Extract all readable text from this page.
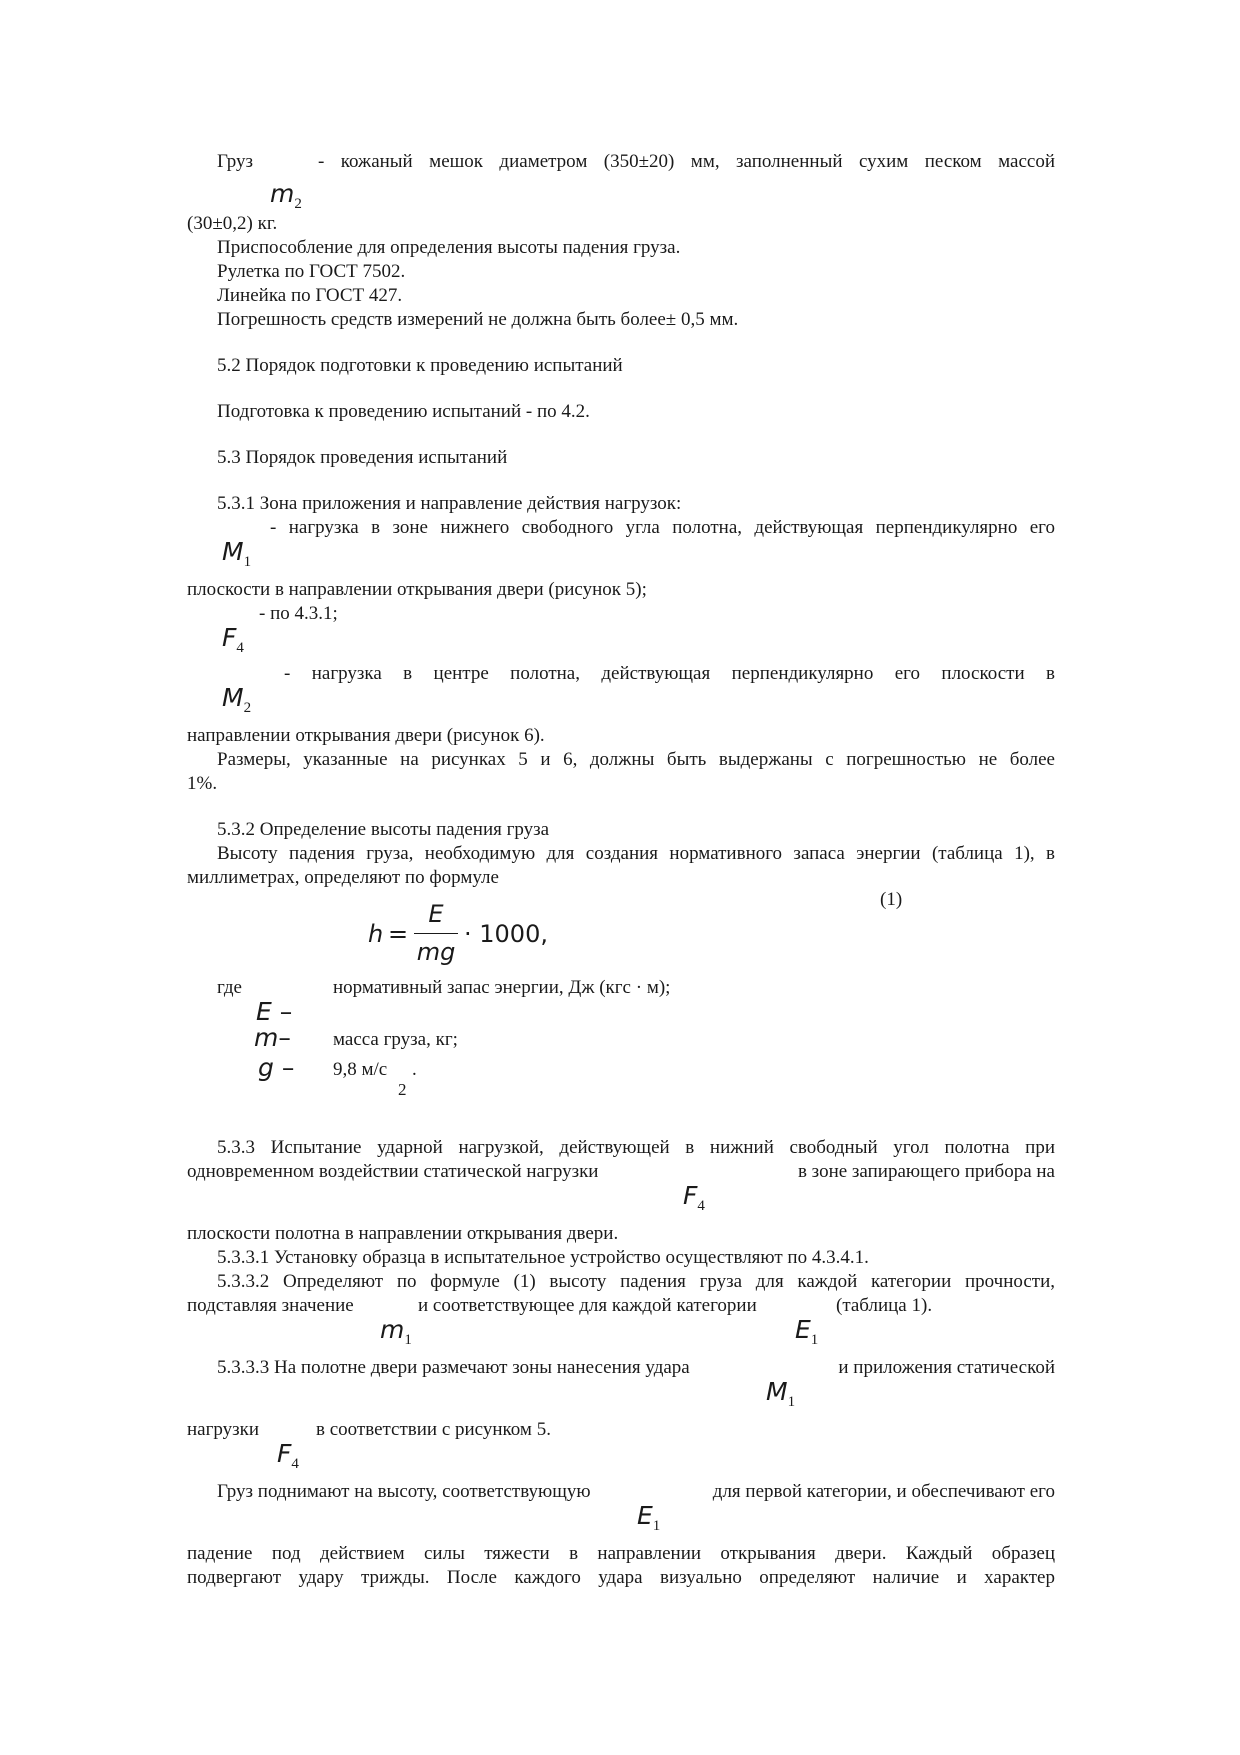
Груз	- кожаный мешок диаметром (350±20) мм, заполненный сухим песком массой
$m_2$
(30±0,2) кг.
Приспособление для определения высоты падения груза.
Рулетка по ГОСТ 7502.
Линейка по ГОСТ 427.
Погрешность средств измерений не должна быть более± 0,5 мм.
5.2 Порядок подготовки к проведению испытаний
Подготовка к проведению испытаний - по 4.2.
5.3 Порядок проведения испытаний
5.3.1 Зона приложения и направление действия нагрузок:
- нагрузка в зоне нижнего свободного угла полотна, действующая перпендикулярно его
$M_1$
плоскости в направлении открывания двери (рисунок 5);
- по 4.3.1;
$F_4$
- нагрузка в центре полотна, действующая перпендикулярно его плоскости в
$M_2$
направлении открывания двери (рисунок 6).
Размеры, указанные на рисунках 5 и 6, должны быть выдержаны с погрешностью не более
1%.
5.3.2 Определение высоты падения груза
Высоту падения груза, необходимую для создания нормативного запаса энергии (таблица 1), в
миллиметрах, определяют по формуле
(1)
h =
E
mg
· 1000,
где	нормативный запас энергии, Дж (кгс · м);
E –
m– масса груза, кг;
g – 9,8 м/с
2
.
5.3.3 Испытание ударной нагрузкой, действующей в нижний свободный угол полотна при
одновременном воздействии статической нагрузки	в зоне запирающего прибора на
$F_4$
плоскости полотна в направлении открывания двери.
5.3.3.1 Установку образца в испытательное устройство осуществляют по 4.3.4.1.
5.3.3.2 Определяют по формуле (1) высоту падения груза для каждой категории прочности,
подставляя значение	и соответствующее для каждой категории	(таблица 1).
$m_1$	$E_1$
5.3.3.3 На полотне двери размечают зоны нанесения удара	и приложения статической
$M_1$
нагрузки	в соответствии с рисунком 5.
$F_4$
Груз поднимают на высоту, соответствующую	для первой категории, и обеспечивают его
$E_1$
падение под действием силы тяжести в направлении открывания двери. Каждый образец
подвергают удару трижды. После каждого удара визуально определяют наличие и характер
